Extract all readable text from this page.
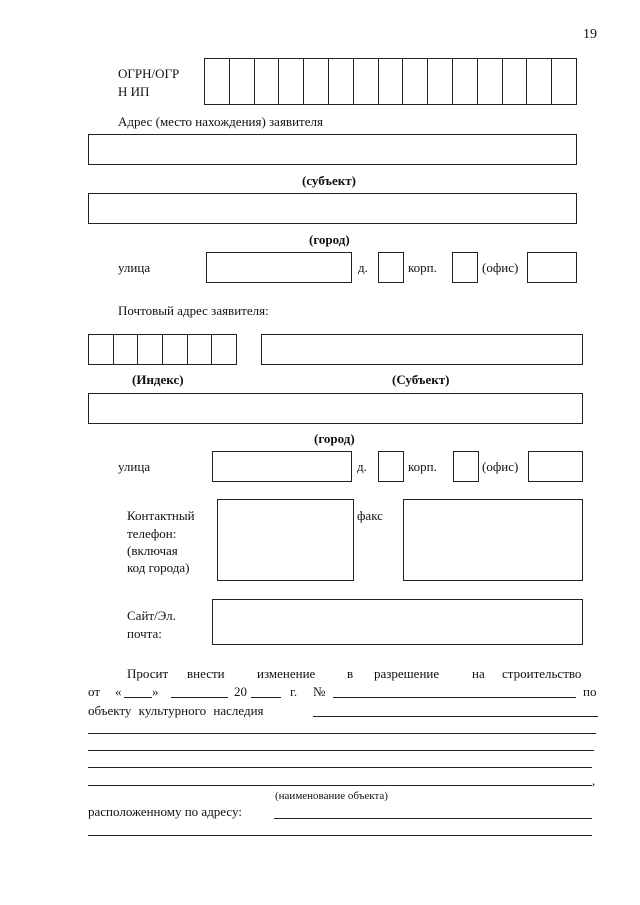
19
ОГРН/ОГР
Н ИП
Адрес (место нахождения) заявителя
(субъект)
(город)
улица	д.	корп.	(офис)
Почтовый адрес заявителя:
(Индекс)	(Субъект)
(город)
улица	д.	корп.	(офис)
Контактный
телефон:
(включая
код города)
факс
Сайт/Эл.
почта:
Просит внести изменение в разрешение	на строительство
от « »	20	г. №	по
объекту культурного наследия
,
(наименование объекта)
расположенному по адресу:
